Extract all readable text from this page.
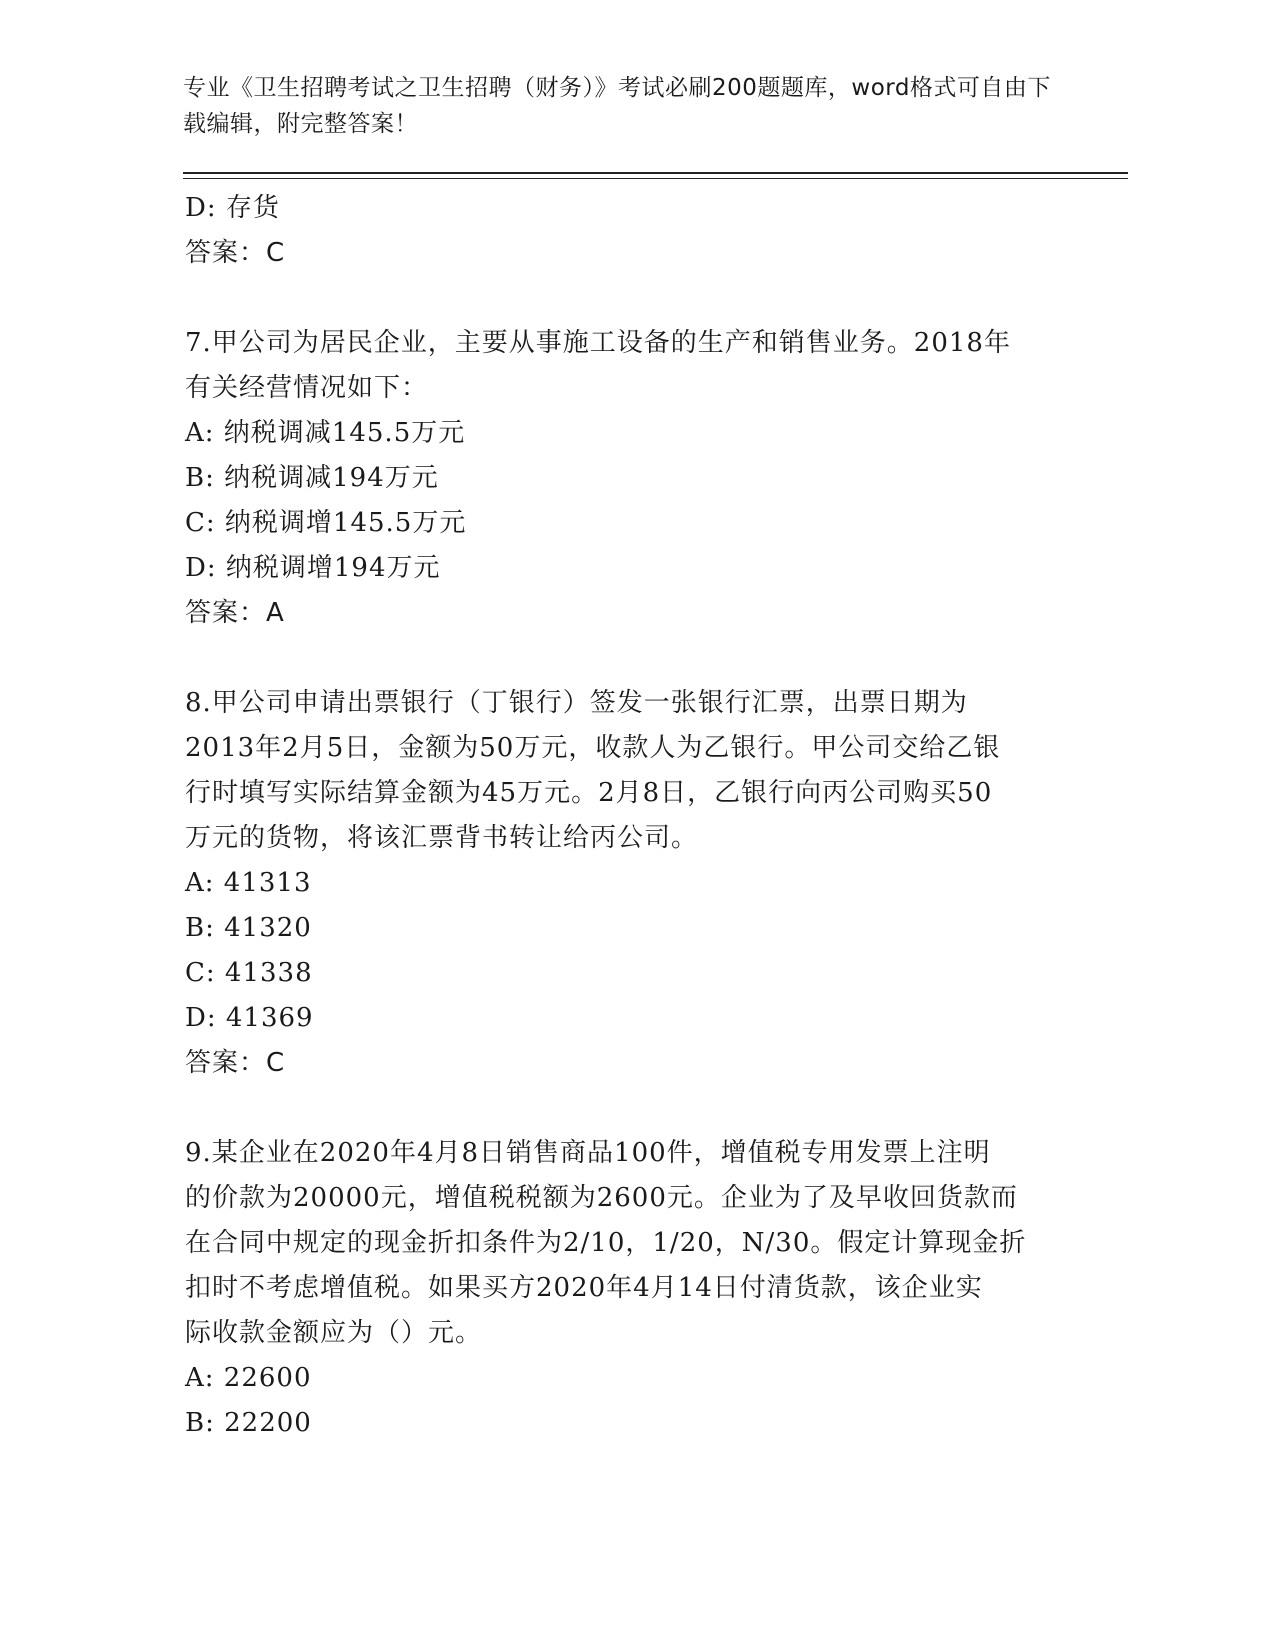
专业《卫生招聘考试之卫生招聘（财务）》考试必刷200题题库，word格式可自由下载编辑，附完整答案！
D: 存货
答案：C
7.甲公司为居民企业，主要从事施工设备的生产和销售业务。2018年
有关经营情况如下：
A: 纳税调减145.5万元
B: 纳税调减194万元
C: 纳税调增145.5万元
D: 纳税调增194万元
答案：A
8.甲公司申请出票银行（丁银行）签发一张银行汇票，出票日期为
2013年2月5日，金额为50万元，收款人为乙银行。甲公司交给乙银
行时填写实际结算金额为45万元。2月8日，乙银行向丙公司购买50
万元的货物，将该汇票背书转让给丙公司。
A: 41313
B: 41320
C: 41338
D: 41369
答案：C
9.某企业在2020年4月8日销售商品100件，增值税专用发票上注明
的价款为20000元，增值税税额为2600元。企业为了及早收回货款而
在合同中规定的现金折扣条件为2/10，1/20，N/30。假定计算现金折
扣时不考虑增值税。如果买方2020年4月14日付清货款，该企业实
际收款金额应为（）元。
A: 22600
B: 22200
